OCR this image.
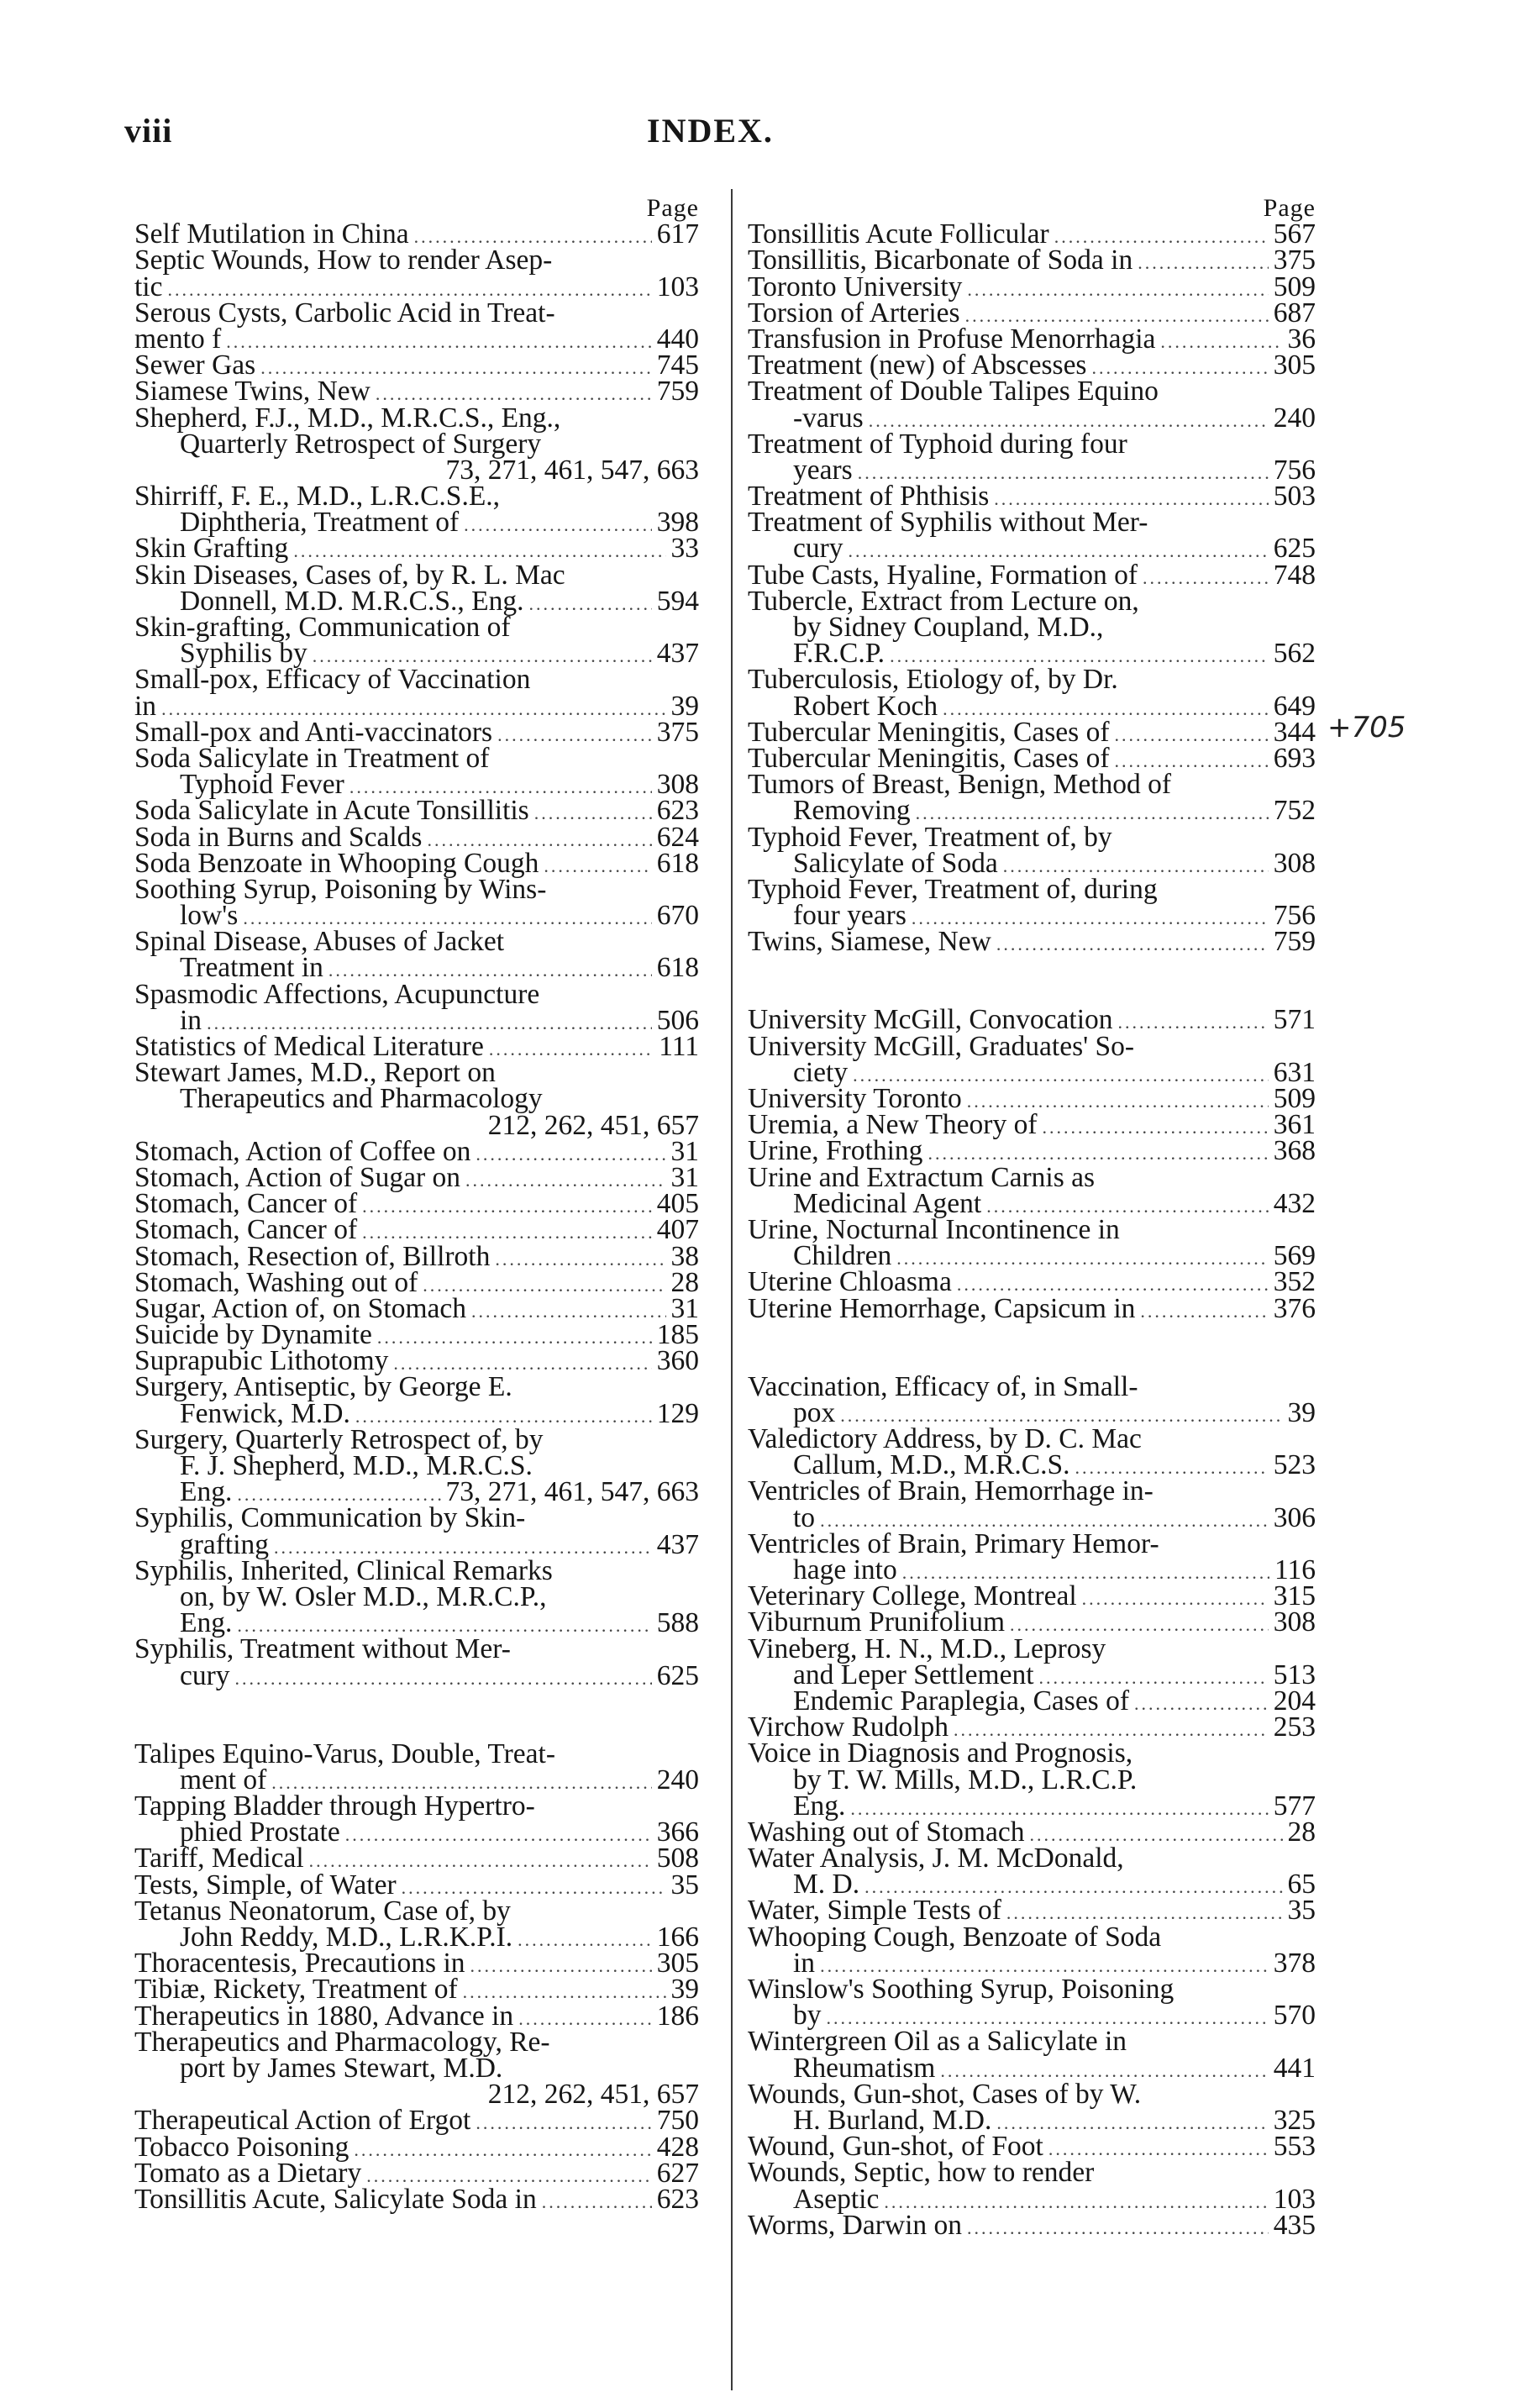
viii	INDEX.
Page
Self Mutilation in China .....	617
Septic Wounds, How to render Asep-
tic .....	103
Serous Cysts, Carbolic Acid in Treat-
mento f .....	440
Sewer Gas .....	745
Siamese Twins, New .....	759
Shepherd, F.J., M.D., M.R.C.S., Eng.,
Quarterly Retrospect of Surgery
73, 271, 461, 547, 663
Shirriff, F. E., M.D., L.R.C.S.E.,
Diphtheria, Treatment of .....	398
Skin Grafting .....	33
Skin Diseases, Cases of, by R. L. Mac
Donnell, M.D. M.R.C.S., Eng. .....	594
Skin-grafting, Communication of
Syphilis by .....	437
Small-pox, Efficacy of Vaccination
in .....	39
Small-pox and Anti-vaccinators .....	375
Soda Salicylate in Treatment of
Typhoid Fever .....	308
Soda Salicylate in Acute Tonsillitis .....	623
Soda in Burns and Scalds .....	624
Soda Benzoate in Whooping Cough .....	618
Soothing Syrup, Poisoning by Wins-
low's .....	670
Spinal Disease, Abuses of Jacket
Treatment in .....	618
Spasmodic Affections, Acupuncture
in .....	506
Statistics of Medical Literature .....	111
Stewart James, M.D., Report on
Therapeutics and Pharmacology
212, 262, 451, 657
Stomach, Action of Coffee on .....	31
Stomach, Action of Sugar on .....	31
Stomach, Cancer of .....	405
Stomach, Cancer of .....	407
Stomach, Resection of, Billroth .....	38
Stomach, Washing out of .....	28
Sugar, Action of, on Stomach .....	31
Suicide by Dynamite .....	185
Suprapubic Lithotomy .....	360
Surgery, Antiseptic, by George E.
Fenwick, M.D. .....	129
Surgery, Quarterly Retrospect of, by
F. J. Shepherd, M.D., M.R.C.S.
Eng. .....	73, 271, 461, 547, 663
Syphilis, Communication by Skin-
grafting .....	437
Syphilis, Inherited, Clinical Remarks
on, by W. Osler M.D., M.R.C.P.,
Eng. .....	588
Syphilis, Treatment without Mer-
cury .....	625
Talipes Equino-Varus, Double, Treat-
ment of .....	240
Tapping Bladder through Hypertro-
phied Prostate .....	366
Tariff, Medical .....	508
Tests, Simple, of Water .....	35
Tetanus Neonatorum, Case of, by
John Reddy, M.D., L.R.K.P.I. .....	166
Thoracentesis, Precautions in .....	305
Tibiæ, Rickety, Treatment of .....	39
Therapeutics in 1880, Advance in .....	186
Therapeutics and Pharmacology, Re-
port by James Stewart, M.D.
212, 262, 451, 657
Therapeutical Action of Ergot .....	750
Tobacco Poisoning .....	428
Tomato as a Dietary .....	627
Tonsillitis Acute, Salicylate Soda in .....	623
Page
Tonsillitis Acute Follicular .....	567
Tonsillitis, Bicarbonate of Soda in .....	375
Toronto University .....	509
Torsion of Arteries .....	687
Transfusion in Profuse Menorrhagia .....	36
Treatment (new) of Abscesses .....	305
Treatment of Double Talipes Equino
-varus .....	240
Treatment of Typhoid during four
years .....	756
Treatment of Phthisis .....	503
Treatment of Syphilis without Mer-
cury .....	625
Tube Casts, Hyaline, Formation of .....	748
Tubercle, Extract from Lecture on,
by Sidney Coupland, M.D.,
F.R.C.P. .....	562
Tuberculosis, Etiology of, by Dr.
Robert Koch .....	649
Tubercular Meningitis, Cases of .....	344
Tubercular Meningitis, Cases of .....	693
Tumors of Breast, Benign, Method of
Removing .....	752
Typhoid Fever, Treatment of, by
Salicylate of Soda .....	308
Typhoid Fever, Treatment of, during
four years .....	756
Twins, Siamese, New .....	759
University McGill, Convocation .....	571
University McGill, Graduates' So-
ciety .....	631
University Toronto .....	509
Uremia, a New Theory of .....	361
Urine, Frothing .....	368
Urine and Extractum Carnis as
Medicinal Agent .....	432
Urine, Nocturnal Incontinence in
Children .....	569
Uterine Chloasma .....	352
Uterine Hemorrhage, Capsicum in .....	376
Vaccination, Efficacy of, in Small-
pox .....	39
Valedictory Address, by D. C. Mac
Callum, M.D., M.R.C.S. .....	523
Ventricles of Brain, Hemorrhage in-
to .....	306
Ventricles of Brain, Primary Hemor-
hage into .....	116
Veterinary College, Montreal .....	315
Viburnum Prunifolium .....	308
Vineberg, H. N., M.D., Leprosy
and Leper Settlement .....	513
Endemic Paraplegia, Cases of .....	204
Virchow Rudolph .....	253
Voice in Diagnosis and Prognosis,
by T. W. Mills, M.D., L.R.C.P.
Eng. .....	577
Washing out of Stomach .....	28
Water Analysis, J. M. McDonald,
M. D. .....	65
Water, Simple Tests of .....	35
Whooping Cough, Benzoate of Soda
in .....	378
Winslow's Soothing Syrup, Poisoning
by .....	570
Wintergreen Oil as a Salicylate in
Rheumatism .....	441
Wounds, Gun-shot, Cases of by W.
H. Burland, M.D. .....	325
Wound, Gun-shot, of Foot .....	553
Wounds, Septic, how to render
Aseptic .....	103
Worms, Darwin on .....	435
+705
